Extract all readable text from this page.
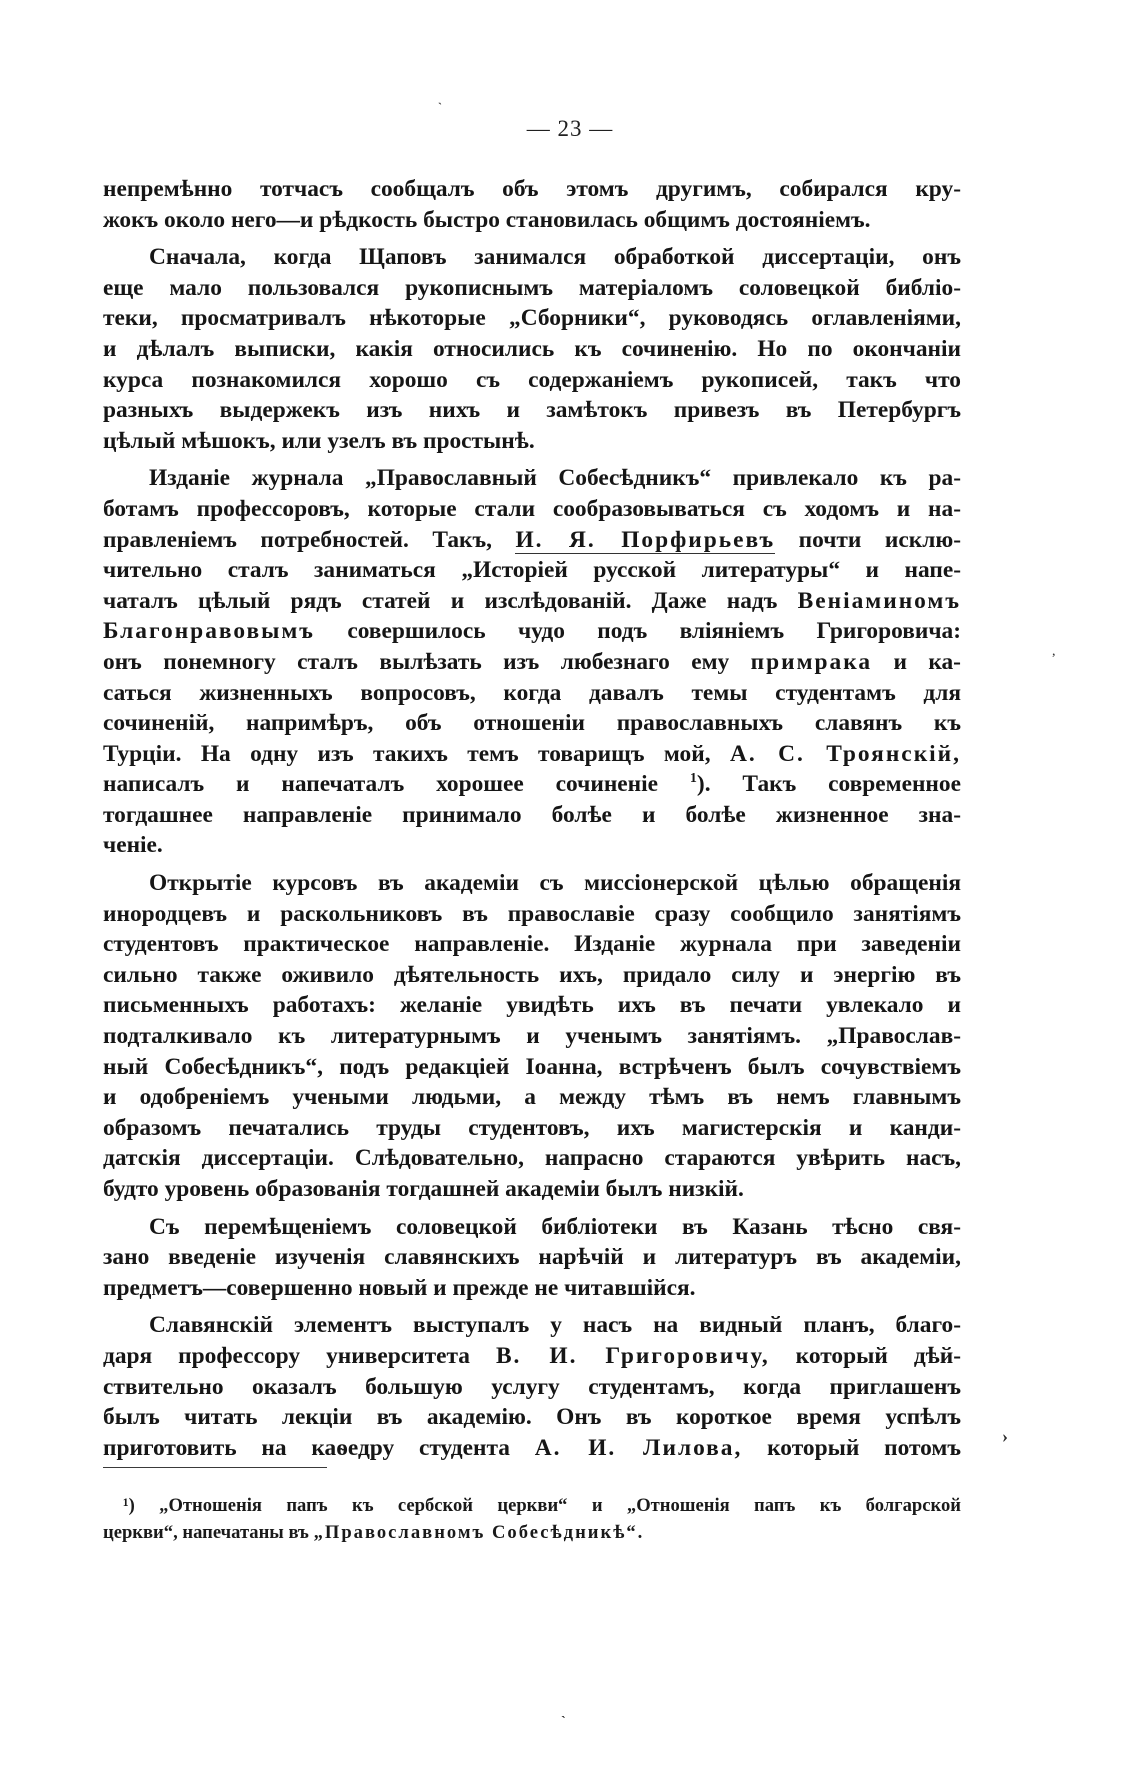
— 23 —
непремѣнно тотчасъ сообщалъ объ этомъ другимъ, собирался кру-
жокъ около него—и рѣдкость быстро становилась общимъ достояніемъ.
Сначала, когда Щаповъ занимался обработкой диссертаціи, онъ
еще мало пользовался рукописнымъ матеріаломъ соловецкой библіо-
теки, просматривалъ нѣкоторые „Сборники“, руководясь оглавленіями,
и дѣлалъ выписки, какія относились къ сочиненію. Но по окончаніи
курса познакомился хорошо съ содержаніемъ рукописей, такъ что
разныхъ выдержекъ изъ нихъ и замѣтокъ привезъ въ Петербургъ
цѣлый мѣшокъ, или узелъ въ простынѣ.
Изданіе журнала „Православный Собесѣдникъ“ привлекало къ ра-
ботамъ профессоровъ, которые стали сообразовываться съ ходомъ и на-
правленіемъ потребностей. Такъ, И. Я. Порфирьевъ почти исклю-
чительно сталъ заниматься „Исторіей русской литературы“ и напе-
чаталъ цѣлый рядъ статей и изслѣдованій. Даже надъ Веніаминомъ
Благонравовымъ совершилось чудо подъ вліяніемъ Григоровича:
онъ понемногу сталъ вылѣзать изъ любезнаго ему примрака и ка-
саться жизненныхъ вопросовъ, когда давалъ темы студентамъ для
сочиненій, напримѣръ, объ отношеніи православныхъ славянъ къ
Турціи. На одну изъ такихъ темъ товарищъ мой, А. С. Троянскій,
написалъ и напечаталъ хорошее сочиненіе $^1$). Такъ современное
тогдашнее направленіе принимало болѣе и болѣе жизненное зна-
ченіе.
Открытіе курсовъ въ академіи съ миссіонерской цѣлью обращенія
инородцевъ и раскольниковъ въ православіе сразу сообщило занятіямъ
студентовъ практическое направленіе. Изданіе журнала при заведеніи
сильно также оживило дѣятельность ихъ, придало силу и энергію въ
письменныхъ работахъ: желаніе увидѣть ихъ въ печати увлекало и
подталкивало къ литературнымъ и ученымъ занятіямъ. „Православ-
ный Собесѣдникъ“, подъ редакціей Іоанна, встрѣченъ былъ сочувствіемъ
и одобреніемъ учеными людьми, а между тѣмъ въ немъ главнымъ
образомъ печатались труды студентовъ, ихъ магистерскія и канди-
датскія диссертаціи. Слѣдовательно, напрасно стараются увѣрить насъ,
будто уровень образованія тогдашней академіи былъ низкій.
Съ перемѣщеніемъ соловецкой библіотеки въ Казань тѣсно свя-
зано введеніе изученія славянскихъ нарѣчій и литературъ въ академіи,
предметъ—совершенно новый и прежде не читавшійся.
Славянскій элементъ выступалъ у насъ на видный планъ, благо-
даря профессору университета В. И. Григоровичу, который дѣй-
ствительно оказалъ большую услугу студентамъ, когда приглашенъ
былъ читать лекціи въ академію. Онъ въ короткое время успѣлъ
приготовить на каѳедру студента А. И. Лилова, который потомъ
¹) „Отношенія папъ къ сербской церкви“ и „Отношенія папъ къ болгарской
церкви“, напечатаны въ „Православномъ Собесѣдникѣ“.
`
›
,
ˎ
